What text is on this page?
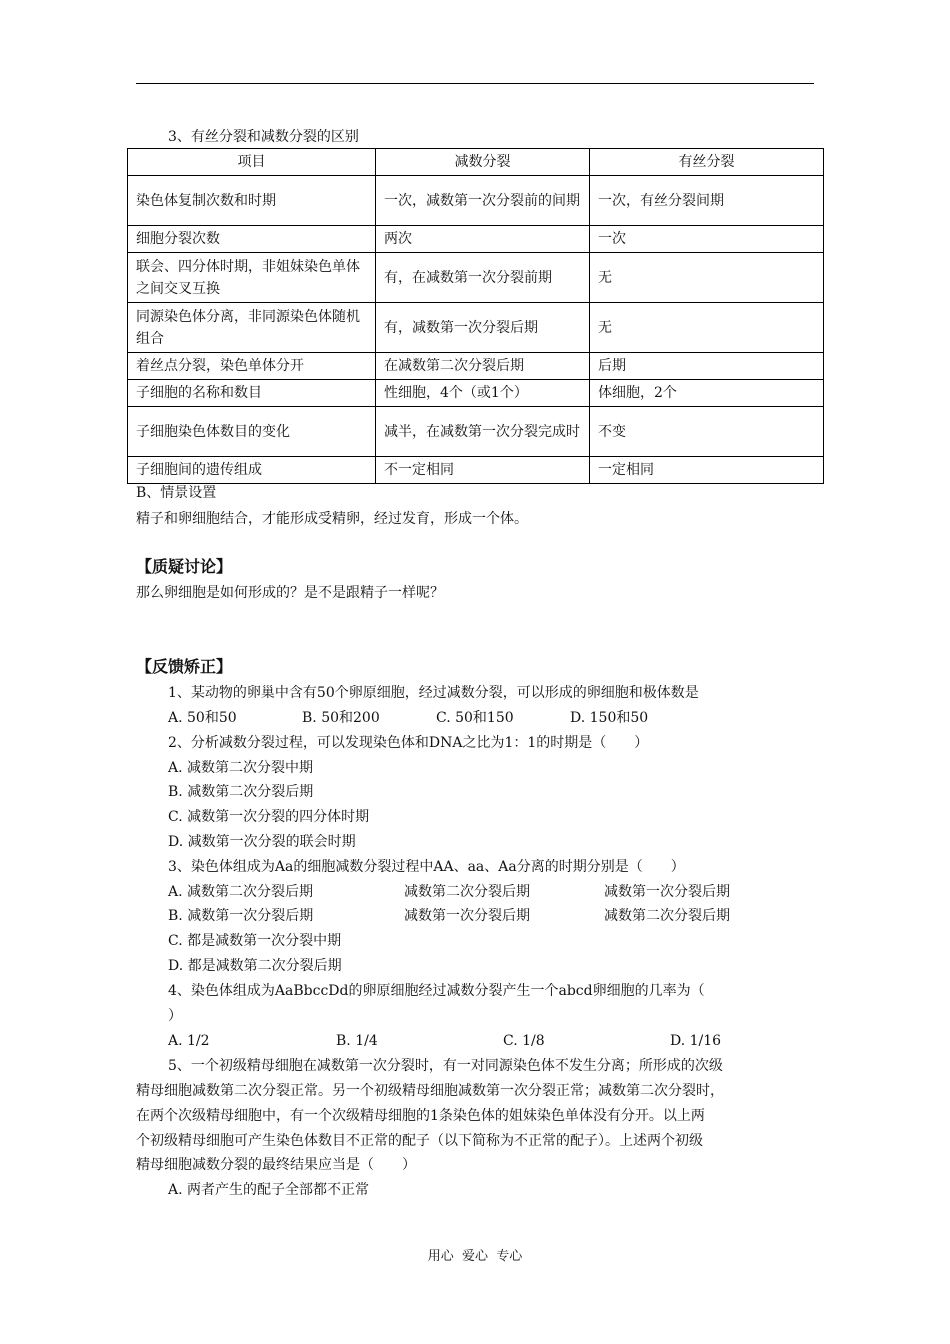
3、有丝分裂和减数分裂的区别
项目	减数分裂	有丝分裂
染色体复制次数和时期	一次，减数第一次分裂前的间期	一次，有丝分裂间期
细胞分裂次数	两次	一次
联会、四分体时期，非姐妹染色单体之间交叉互换	有，在减数第一次分裂前期	无
同源染色体分离，非同源染色体随机组合	有，减数第一次分裂后期	无
着丝点分裂，染色单体分开	在减数第二次分裂后期	后期
子细胞的名称和数目	性细胞，4个（或1个）	体细胞，2个
子细胞染色体数目的变化	减半，在减数第一次分裂完成时	不变
子细胞间的遗传组成	不一定相同	一定相同
B、情景设置
精子和卵细胞结合，才能形成受精卵，经过发育，形成一个体。
【质疑讨论】
那么卵细胞是如何形成的？是不是跟精子一样呢？
【反馈矫正】
1、某动物的卵巢中含有50个卵原细胞，经过减数分裂，可以形成的卵细胞和极体数是
A. 50和50	B. 50和200	C. 50和150	D. 150和50
2、分析减数分裂过程，可以发现染色体和DNA之比为1：1的时期是（　　）
A. 减数第二次分裂中期
B. 减数第二次分裂后期
C. 减数第一次分裂的四分体时期
D. 减数第一次分裂的联会时期
3、染色体组成为Aa的细胞减数分裂过程中AA、aa、Aa分离的时期分别是（　　）
A. 减数第二次分裂后期	减数第二次分裂后期	减数第一次分裂后期
B. 减数第一次分裂后期	减数第一次分裂后期	减数第二次分裂后期
C. 都是减数第一次分裂中期
D. 都是减数第二次分裂后期
4、染色体组成为AaBbccDd的卵原细胞经过减数分裂产生一个abcd卵细胞的几率为（
）
A. 1/2	B. 1/4	C. 1/8	D. 1/16
5、一个初级精母细胞在减数第一次分裂时，有一对同源染色体不发生分离；所形成的次级
精母细胞减数第二次分裂正常。另一个初级精母细胞减数第一次分裂正常；减数第二次分裂时，
在两个次级精母细胞中，有一个次级精母细胞的1条染色体的姐妹染色单体没有分开。以上两
个初级精母细胞可产生染色体数目不正常的配子（以下简称为不正常的配子）。上述两个初级
精母细胞减数分裂的最终结果应当是（　　）
A. 两者产生的配子全部都不正常
用心  爱心  专心
